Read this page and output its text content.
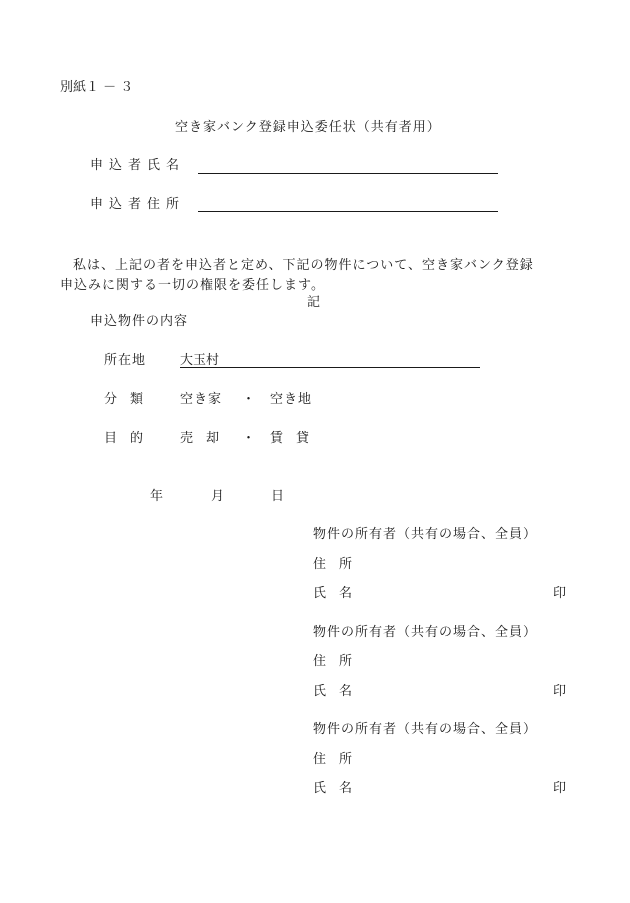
別紙１ － ３
空き家バンク登録申込委任状（共有者用）
申込者氏名
申込者住所

私は、上記の者を申込者と定め、下記の物件について、空き家バンク登録

申込みに関する一切の権限を委任します。

記
申込物件の内容
所在地	大玉村
分　類	空き家 ・ 空き地
目　的	売　却 ・ 賃　貸
年	月	日
物件の所有者（共有の場合、全員）
住　所
氏　名	印
物件の所有者（共有の場合、全員）
住　所
氏　名	印
物件の所有者（共有の場合、全員）
住　所
氏　名	印
